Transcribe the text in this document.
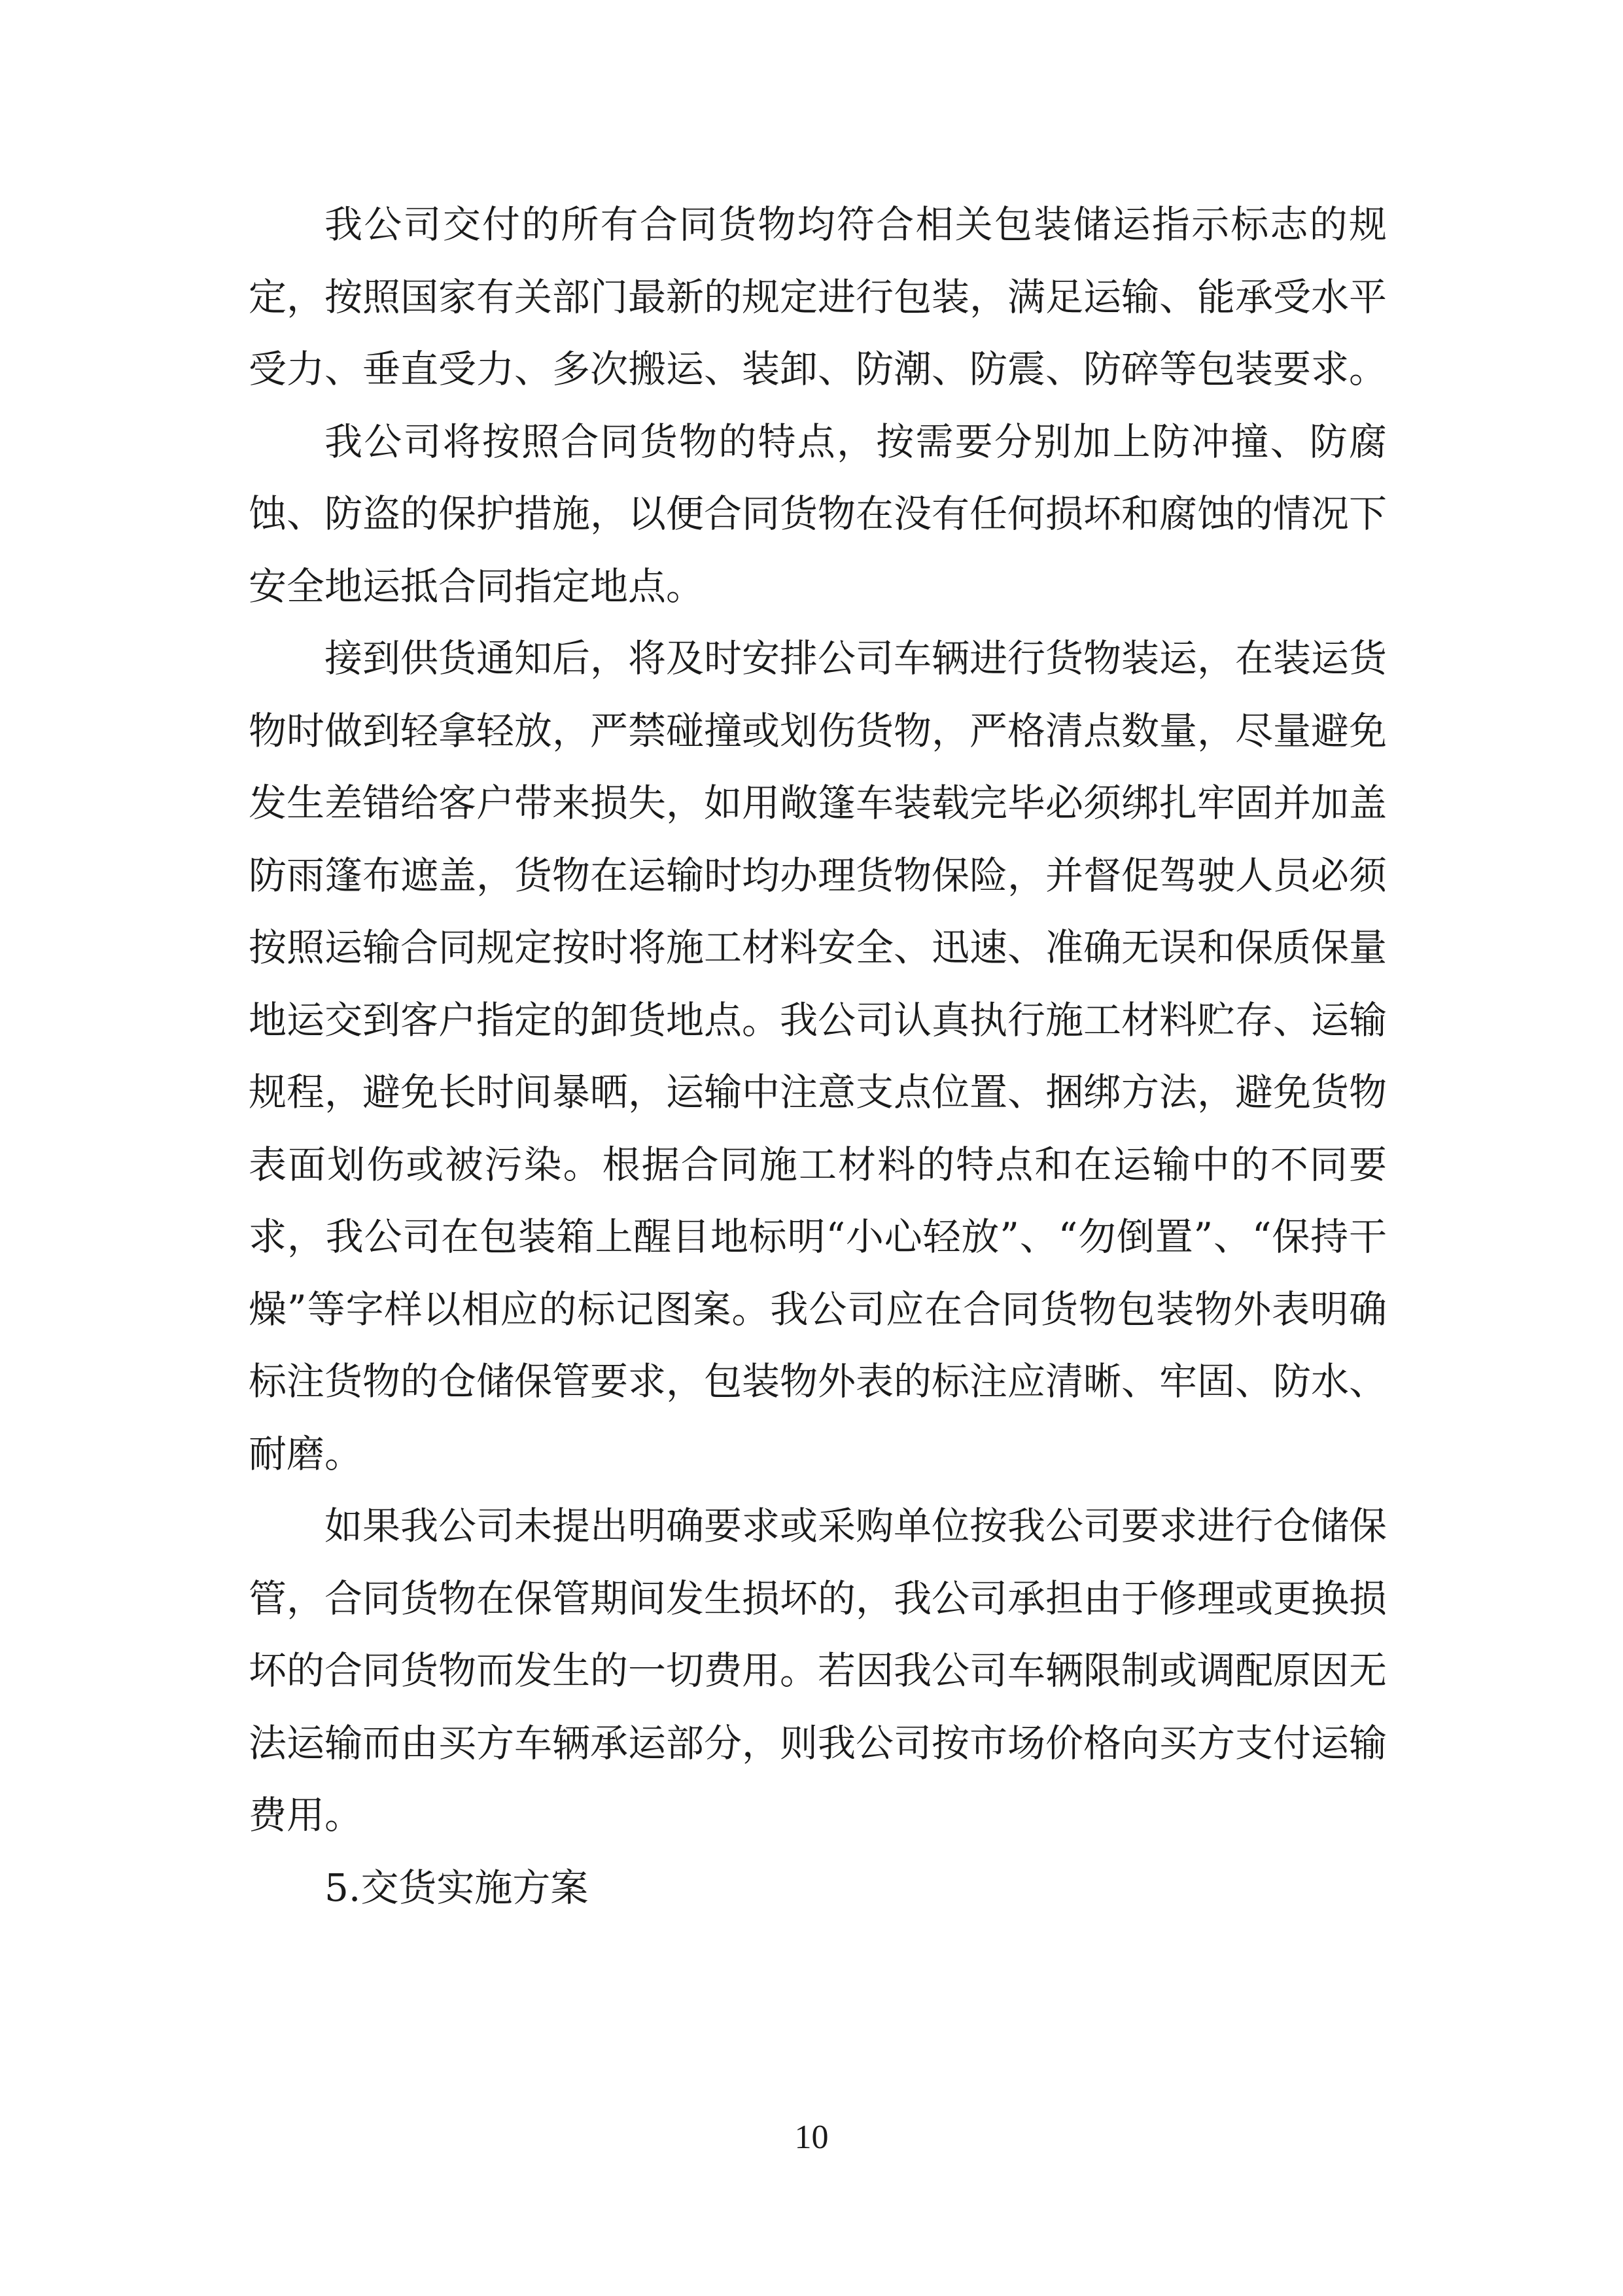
我公司交付的所有合同货物均符合相关包装储运指示标志的规定，按照国家有关部门最新的规定进行包装，满足运输、能承受水平受力、垂直受力、多次搬运、装卸、防潮、防震、防碎等包装要求。

我公司将按照合同货物的特点，按需要分别加上防冲撞、防腐蚀、防盗的保护措施，以便合同货物在没有任何损坏和腐蚀的情况下安全地运抵合同指定地点。

接到供货通知后，将及时安排公司车辆进行货物装运，在装运货物时做到轻拿轻放，严禁碰撞或划伤货物，严格清点数量，尽量避免发生差错给客户带来损失，如用敞篷车装载完毕必须绑扎牢固并加盖防雨篷布遮盖，货物在运输时均办理货物保险，并督促驾驶人员必须按照运输合同规定按时将施工材料安全、迅速、准确无误和保质保量地运交到客户指定的卸货地点。我公司认真执行施工材料贮存、运输规程，避免长时间暴晒，运输中注意支点位置、捆绑方法，避免货物表面划伤或被污染。根据合同施工材料的特点和在运输中的不同要求，我公司在包装箱上醒目地标明“小心轻放”、“勿倒置”、“保持干燥”等字样以相应的标记图案。我公司应在合同货物包装物外表明确标注货物的仓储保管要求，包装物外表的标注应清晰、牢固、防水、耐磨。

如果我公司未提出明确要求或采购单位按我公司要求进行仓储保管，合同货物在保管期间发生损坏的，我公司承担由于修理或更换损坏的合同货物而发生的一切费用。若因我公司车辆限制或调配原因无法运输而由买方车辆承运部分，则我公司按市场价格向买方支付运输费用。

5.交货实施方案

10
